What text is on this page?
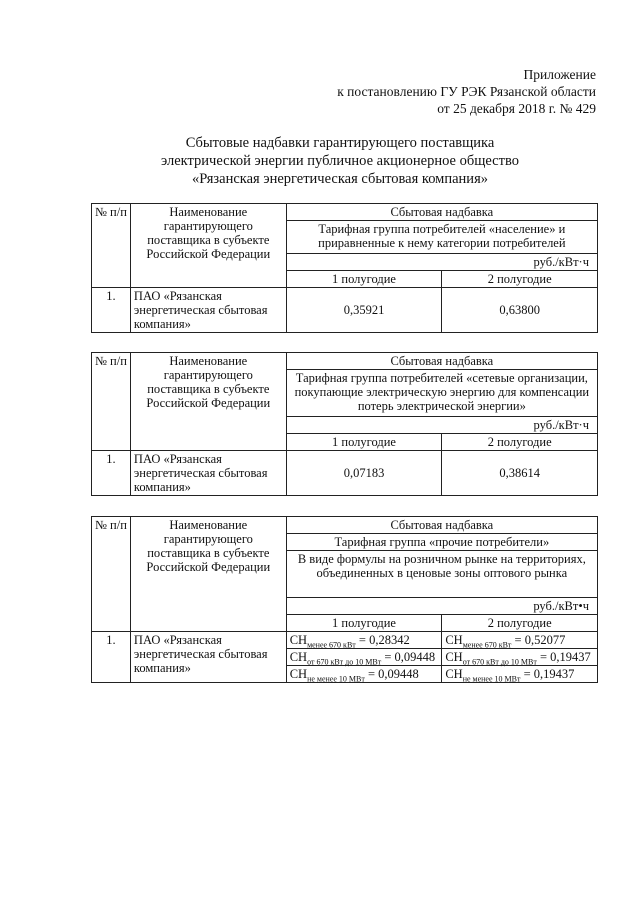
Приложение
к постановлению ГУ РЭК Рязанской области
от 25 декабря 2018 г. № 429
Сбытовые надбавки гарантирующего поставщика
электрической энергии публичное акционерное общество
«Рязанская энергетическая сбытовая компания»
№ п/п	Наименование гарантирующего поставщика в субъекте Российской Федерации	Сбытовая надбавка	
		Тарифная группа потребителей «население» и приравненные к нему категории потребителей	
		руб./кВт·ч	
		1 полугодие	2 полугодие
1.	ПАО «Рязанская энергетическая сбытовая компания»	0,35921	0,63800
№ п/п	Наименование гарантирующего поставщика в субъекте Российской Федерации	Сбытовая надбавка	
		Тарифная группа потребителей «сетевые организации, покупающие электрическую энергию для компенсации потерь электрической энергии»	
		руб./кВт·ч	
		1 полугодие	2 полугодие
1.	ПАО «Рязанская энергетическая сбытовая компания»	0,07183	0,38614
№ п/п	Наименование гарантирующего поставщика в субъекте Российской Федерации	Сбытовая надбавка	
		Тарифная группа «прочие потребители»	
		В виде формулы на розничном рынке на территориях, объединенных в ценовые зоны оптового рынка	
		руб./кВт•ч	
		1 полугодие	2 полугодие
1.	ПАО «Рязанская энергетическая сбытовая компания»	$СН_{менее 670 кВт} = 0,28342$	$СН_{менее 670 кВт} = 0,52077$
		$СН_{от 670 кВт до 10 МВт} = 0,09448$	$СН_{от 670 кВт до 10 МВт} = 0,19437$
		$СН_{не менее 10 МВт} = 0,09448$	$СН_{не менее 10 МВт} = 0,19437$
